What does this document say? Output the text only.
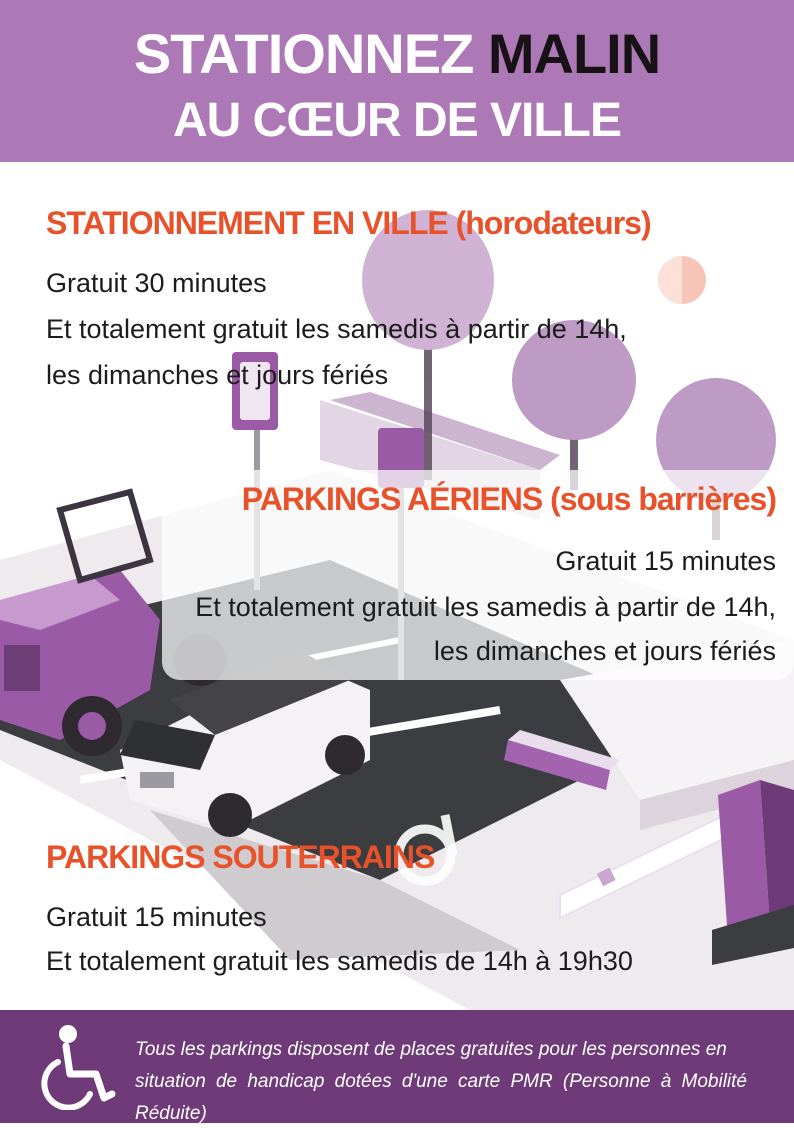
STATIONNEZ MALIN
AU CŒUR DE VILLE
STATIONNEMENT EN VILLE (horodateurs)
Gratuit 30 minutes
Et totalement gratuit les samedis à partir de 14h,
les dimanches et jours fériés
PARKINGS AÉRIENS (sous barrières)
Gratuit 15 minutes
Et totalement gratuit les samedis à partir de 14h,
les dimanches et jours fériés
PARKINGS SOUTERRAINS
Gratuit 15 minutes
Et totalement gratuit les samedis de 14h à 19h30
Tous les parkings disposent de places gratuites pour les personnes en
situation de handicap dotées d'une carte PMR (Personne à Mobilité Réduite)
